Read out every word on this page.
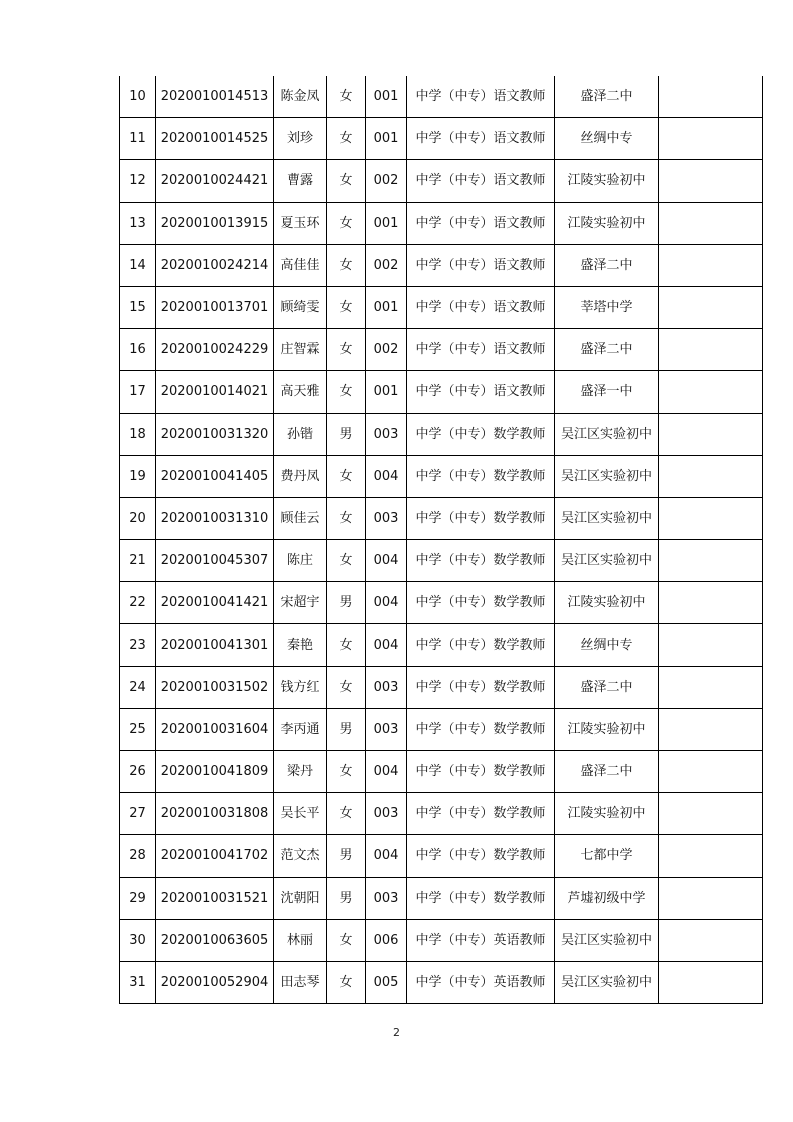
10	2020010014513	陈金凤	女	001	中学（中专）语文教师	盛泽二中	
11	2020010014525	刘珍	女	001	中学（中专）语文教师	丝绸中专	
12	2020010024421	曹露	女	002	中学（中专）语文教师	江陵实验初中	
13	2020010013915	夏玉环	女	001	中学（中专）语文教师	江陵实验初中	
14	2020010024214	高佳佳	女	002	中学（中专）语文教师	盛泽二中	
15	2020010013701	顾绮雯	女	001	中学（中专）语文教师	莘塔中学	
16	2020010024229	庄智霖	女	002	中学（中专）语文教师	盛泽二中	
17	2020010014021	高天雅	女	001	中学（中专）语文教师	盛泽一中	
18	2020010031320	孙锴	男	003	中学（中专）数学教师	吴江区实验初中	
19	2020010041405	费丹凤	女	004	中学（中专）数学教师	吴江区实验初中	
20	2020010031310	顾佳云	女	003	中学（中专）数学教师	吴江区实验初中	
21	2020010045307	陈庄	女	004	中学（中专）数学教师	吴江区实验初中	
22	2020010041421	宋超宇	男	004	中学（中专）数学教师	江陵实验初中	
23	2020010041301	秦艳	女	004	中学（中专）数学教师	丝绸中专	
24	2020010031502	钱方红	女	003	中学（中专）数学教师	盛泽二中	
25	2020010031604	李丙通	男	003	中学（中专）数学教师	江陵实验初中	
26	2020010041809	梁丹	女	004	中学（中专）数学教师	盛泽二中	
27	2020010031808	吴长平	女	003	中学（中专）数学教师	江陵实验初中	
28	2020010041702	范文杰	男	004	中学（中专）数学教师	七都中学	
29	2020010031521	沈朝阳	男	003	中学（中专）数学教师	芦墟初级中学	
30	2020010063605	林丽	女	006	中学（中专）英语教师	吴江区实验初中	
31	2020010052904	田志琴	女	005	中学（中专）英语教师	吴江区实验初中	
2
